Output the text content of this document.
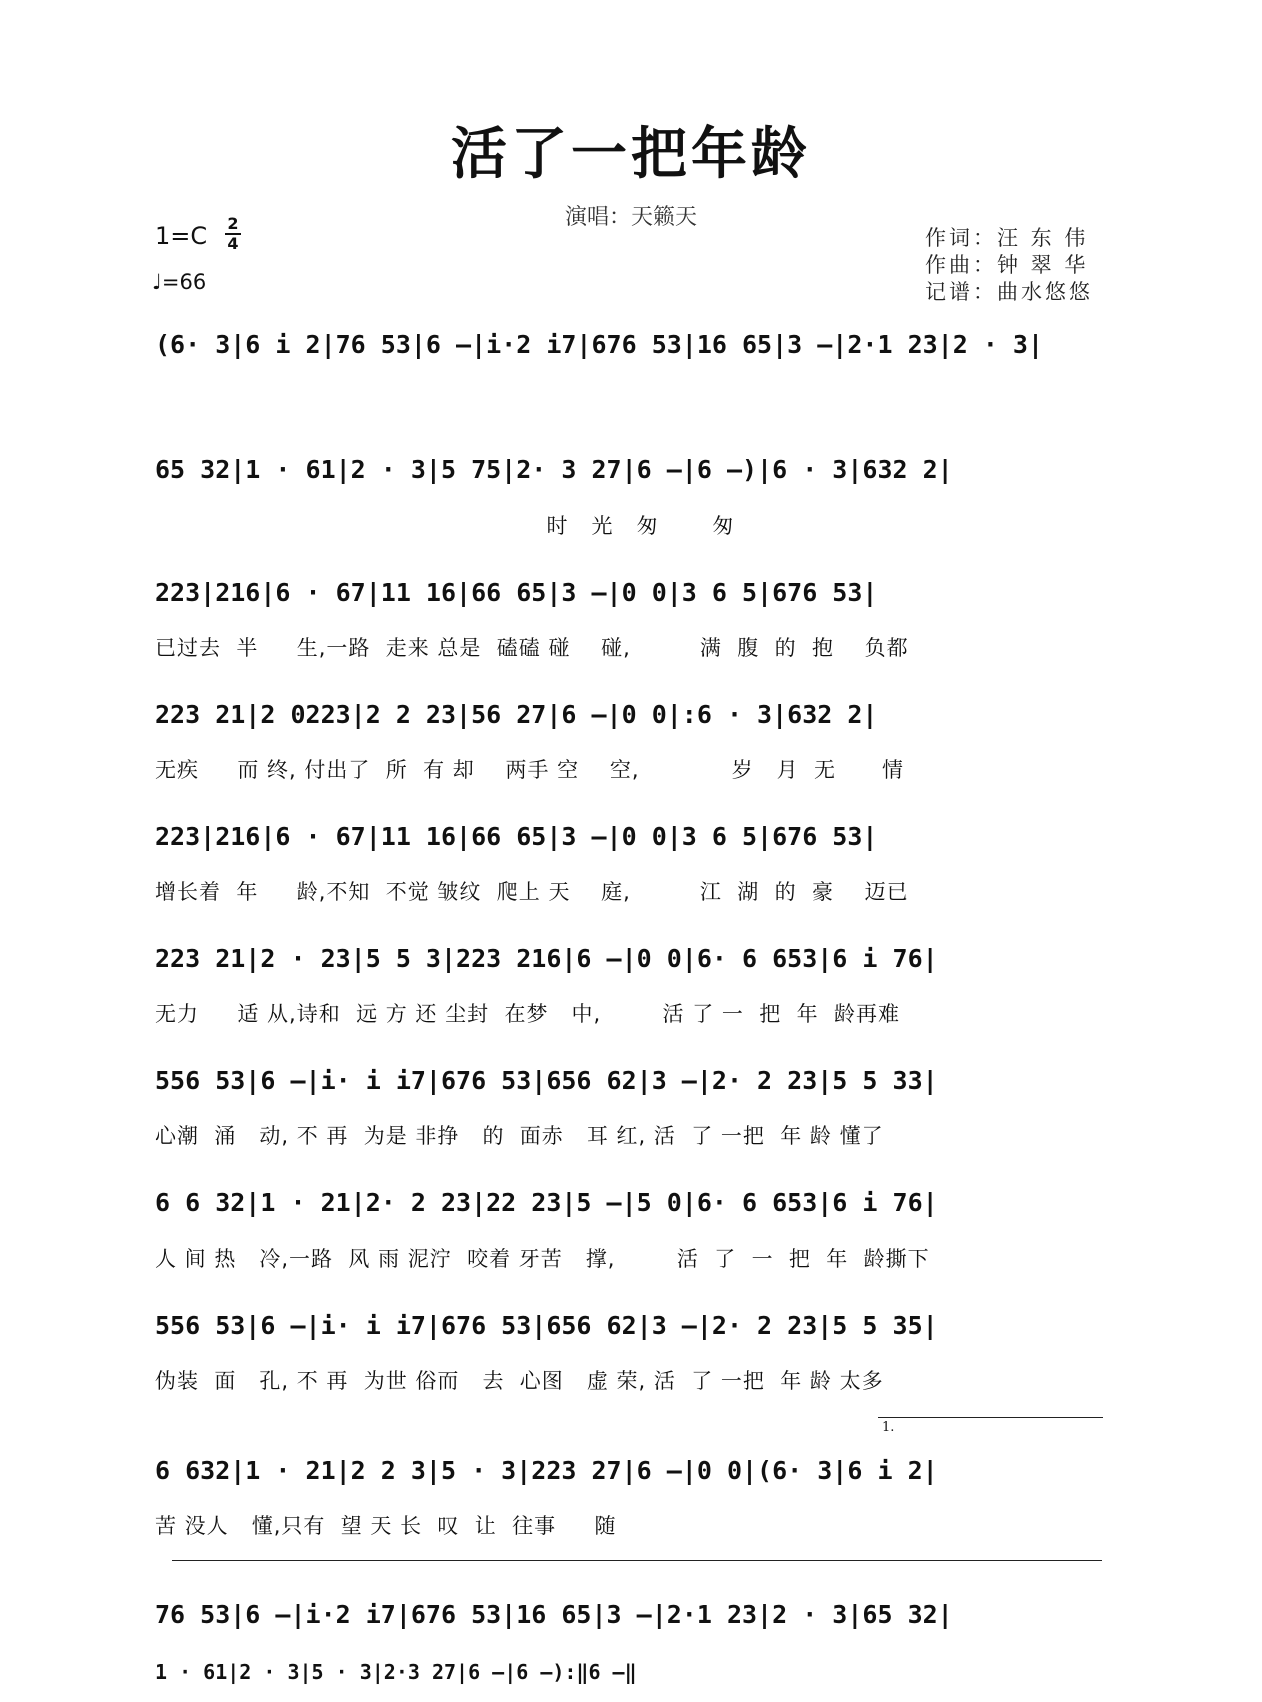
活了一把年龄
演唱：天籁天
1=C 2
4
♩=66
作词：汪 东 伟
作曲：钟 翠 华
记谱：曲水悠悠
(6· 3|6 i 2|76 53|6 –|i·2 i7|676 53|16 65|3 –|2·1 23|2 · 3|
65 32|1 · 61|2 · 3|5 75|2· 3 27|6 –|6 –)|6 · 3|632 2|
时   光   匆       匆
223|216|6 · 67|11 16|66 65|3 –|0 0|3 6 5|676 53|
已过去  半     生,一路  走来 总是  磕磕 碰    碰,         满  腹  的  抱    负都
223 21|2 0223|2 2 23|56 27|6 –|0 0|:6 · 3|632 2|
无疾     而 终, 付出了  所  有 却    两手 空    空,            岁   月  无      情
223|216|6 · 67|11 16|66 65|3 –|0 0|3 6 5|676 53|
增长着  年     龄,不知  不觉 皱纹  爬上 天    庭,         江  湖  的  豪    迈已
223 21|2 · 23|5 5 3|223 216|6 –|0 0|6· 6 653|6 i 76|
无力     适 从,诗和  远 方 还 尘封  在梦   中,        活 了 一  把  年  龄再难
556 53|6 –|i· i i7|676 53|656 62|3 –|2· 2 23|5 5 33|
心潮  涌   动, 不 再  为是 非挣   的  面赤   耳 红, 活  了 一把  年 龄 懂了
6 6 32|1 · 21|2· 2 23|22 23|5 –|5 0|6· 6 653|6 i 76|
人 间 热   冷,一路  风 雨 泥泞  咬着 牙苦   撑,        活  了  一  把  年  龄撕下
556 53|6 –|i· i i7|676 53|656 62|3 –|2· 2 23|5 5 35|
伪装  面   孔, 不 再  为世 俗而   去  心图   虚 荣, 活  了 一把  年 龄 太多
1.
6 632|1 · 21|2 2 3|5 · 3|223 27|6 –|0 0|(6· 3|6 i 2|
苦 没人   懂,只有  望 天 长  叹  让  往事     随
76 53|6 –|i·2 i7|676 53|16 65|3 –|2·1 23|2 · 3|65 32|
1 · 61|2 · 3|5 · 3|2·3 27|6 –|6 –):‖6 –‖
